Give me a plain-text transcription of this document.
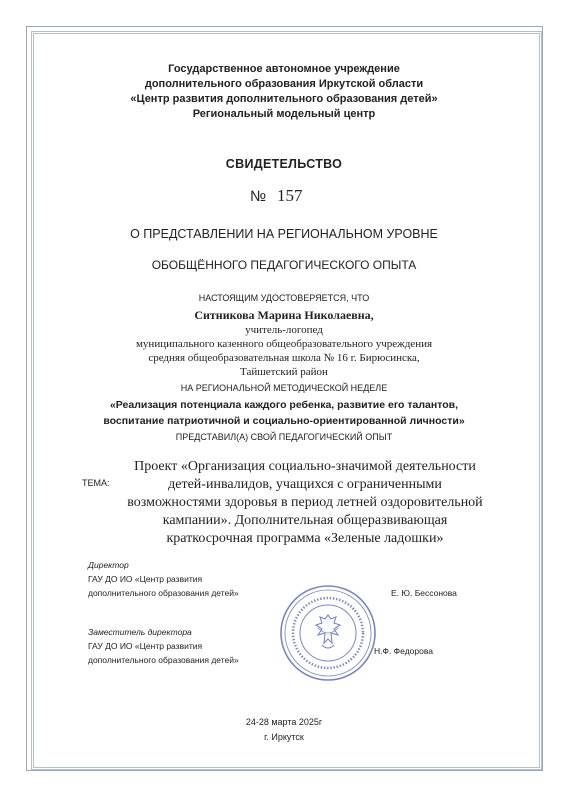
Государственное автономное учреждение
дополнительного образования Иркутской области
«Центр развития дополнительного образования детей»
Региональный модельный центр
СВИДЕТЕЛЬСТВО
№ 157
О ПРЕДСТАВЛЕНИИ НА РЕГИОНАЛЬНОМ УРОВНЕ
ОБОБЩЁННОГО ПЕДАГОГИЧЕСКОГО ОПЫТА
НАСТОЯЩИМ УДОСТОВЕРЯЕТСЯ, ЧТО
Ситникова Марина Николаевна,
учитель-логопед
муниципального казенного общеобразовательного учреждения
средняя общеобразовательная школа № 16 г. Бирюсинска,
Тайшетский район
НА РЕГИОНАЛЬНОЙ МЕТОДИЧЕСКОЙ НЕДЕЛЕ
«Реализация потенциала каждого ребенка, развитие его талантов,
воспитание патриотичной и социально-ориентированной личности»
ПРЕДСТАВИЛ(А) СВОЙ ПЕДАГОГИЧЕСКИЙ ОПЫТ
ТЕМА:
Проект «Организация социально-значимой деятельности
детей-инвалидов, учащихся с ограниченными
возможностями здоровья в период летней оздоровительной
кампании». Дополнительная общеразвивающая
краткосрочная программа «Зеленые ладошки»
Директор
ГАУ ДО ИО «Центр развития
дополнительного образования детей»	Е. Ю. Бессонова
Заместитель директора
ГАУ ДО ИО «Центр развития
дополнительного образования детей»
Н.Ф. Федорова
24-28 марта 2025г
г. Иркутск
